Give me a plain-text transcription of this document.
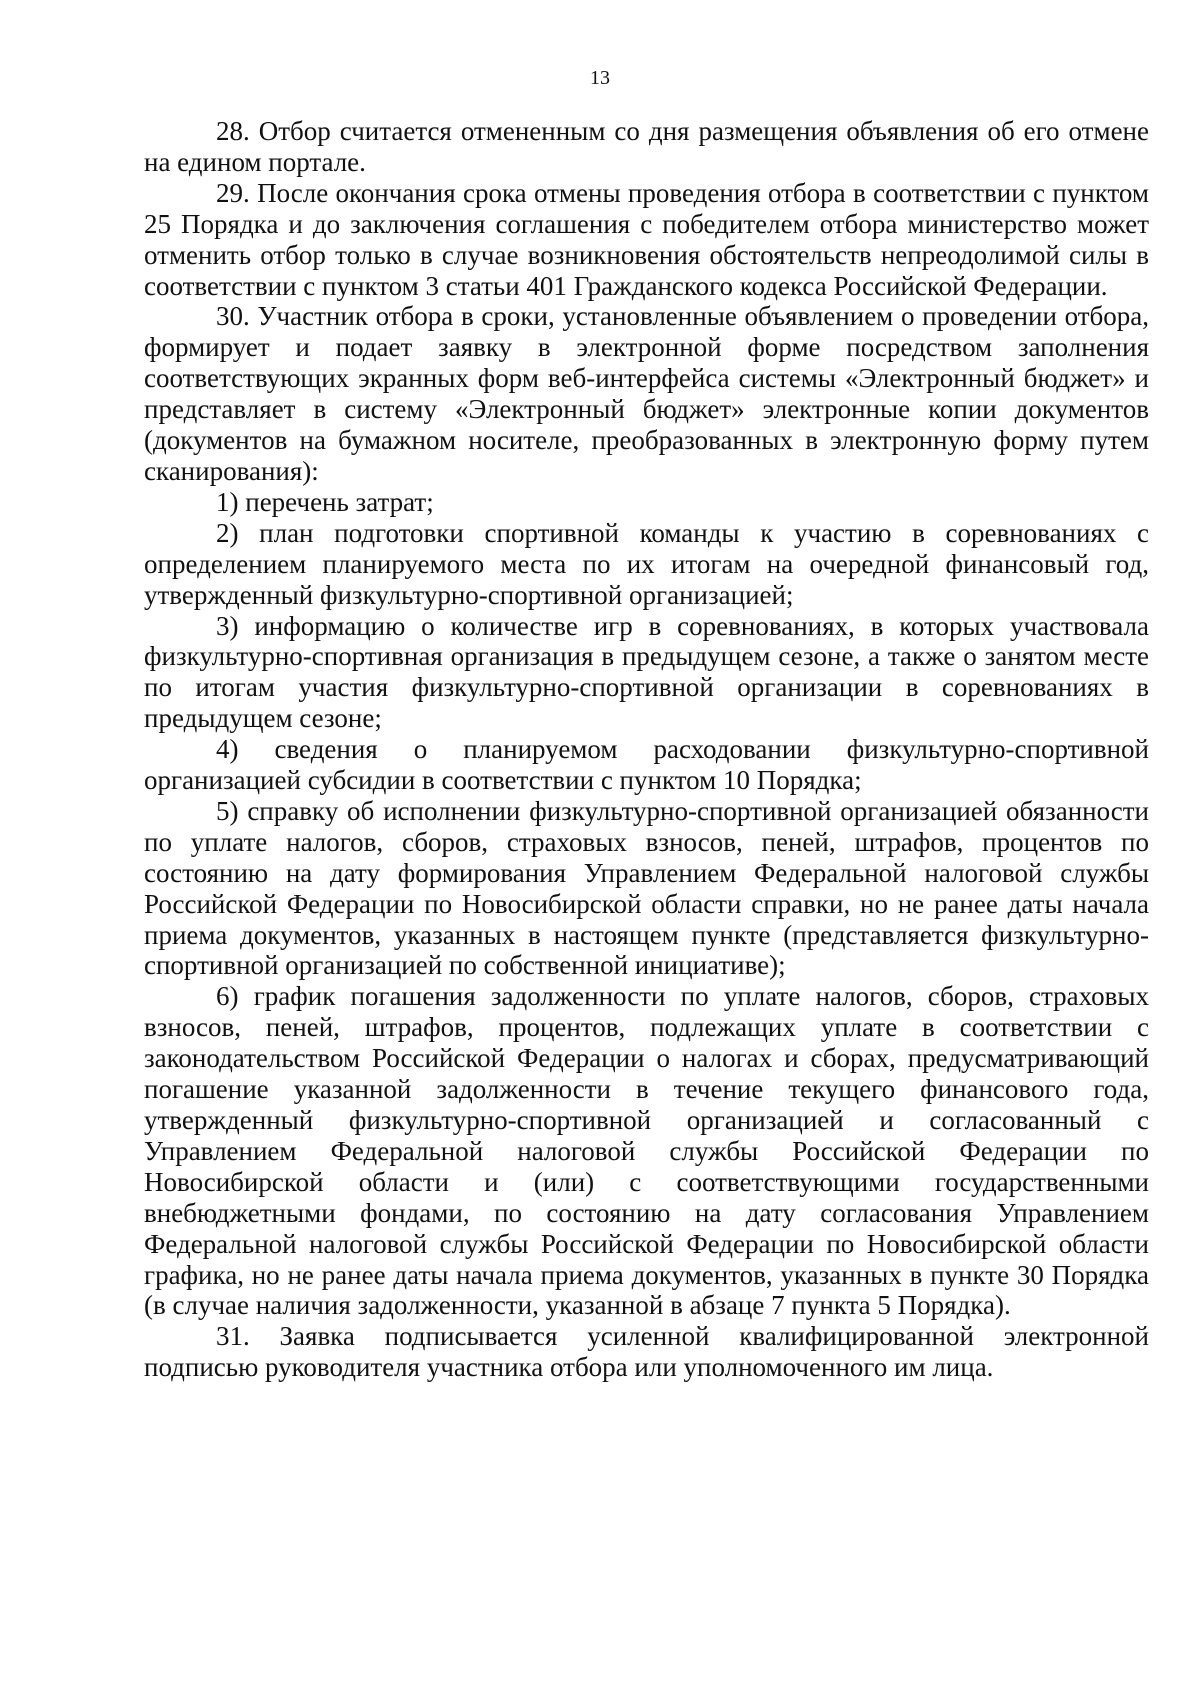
13

28. Отбор считается отмененным со дня размещения объявления об его отмене на едином портале.

29. После окончания срока отмены проведения отбора в соответствии с пунктом 25 Порядка и до заключения соглашения с победителем отбора министерство может отменить отбор только в случае возникновения обстоятельств непреодолимой силы в соответствии с пунктом 3 статьи 401 Гражданского кодекса Российской Федерации.

30. Участник отбора в сроки, установленные объявлением о проведении отбора, формирует и подает заявку в электронной форме посредством заполнения соответствующих экранных форм веб-интерфейса системы «Электронный бюджет» и представляет в систему «Электронный бюджет» электронные копии документов (документов на бумажном носителе, преобразованных в электронную форму путем сканирования):

1) перечень затрат;

2) план подготовки спортивной команды к участию в соревнованиях с определением планируемого места по их итогам на очередной финансовый год, утвержденный физкультурно-спортивной организацией;

3) информацию о количестве игр в соревнованиях, в которых участвовала физкультурно-спортивная организация в предыдущем сезоне, а также о занятом месте по итогам участия физкультурно-спортивной организации в соревнованиях в предыдущем сезоне;

4) сведения о планируемом расходовании физкультурно-спортивной организацией субсидии в соответствии с пунктом 10 Порядка;

5) справку об исполнении физкультурно-спортивной организацией обязанности по уплате налогов, сборов, страховых взносов, пеней, штрафов, процентов по состоянию на дату формирования Управлением Федеральной налоговой службы Российской Федерации по Новосибирской области справки, но не ранее даты начала приема документов, указанных в настоящем пункте (представляется физкультурно-спортивной организацией по собственной инициативе);

6) график погашения задолженности по уплате налогов, сборов, страховых взносов, пеней, штрафов, процентов, подлежащих уплате в соответствии с законодательством Российской Федерации о налогах и сборах, предусматривающий погашение указанной задолженности в течение текущего финансового года, утвержденный физкультурно-спортивной организацией и согласованный с Управлением Федеральной налоговой службы Российской Федерации по Новосибирской области и (или) с соответствующими государственными внебюджетными фондами, по состоянию на дату согласования Управлением Федеральной налоговой службы Российской Федерации по Новосибирской области графика, но не ранее даты начала приема документов, указанных в пункте 30 Порядка (в случае наличия задолженности, указанной в абзаце 7 пункта 5 Порядка).

31. Заявка подписывается усиленной квалифицированной электронной подписью руководителя участника отбора или уполномоченного им лица.
